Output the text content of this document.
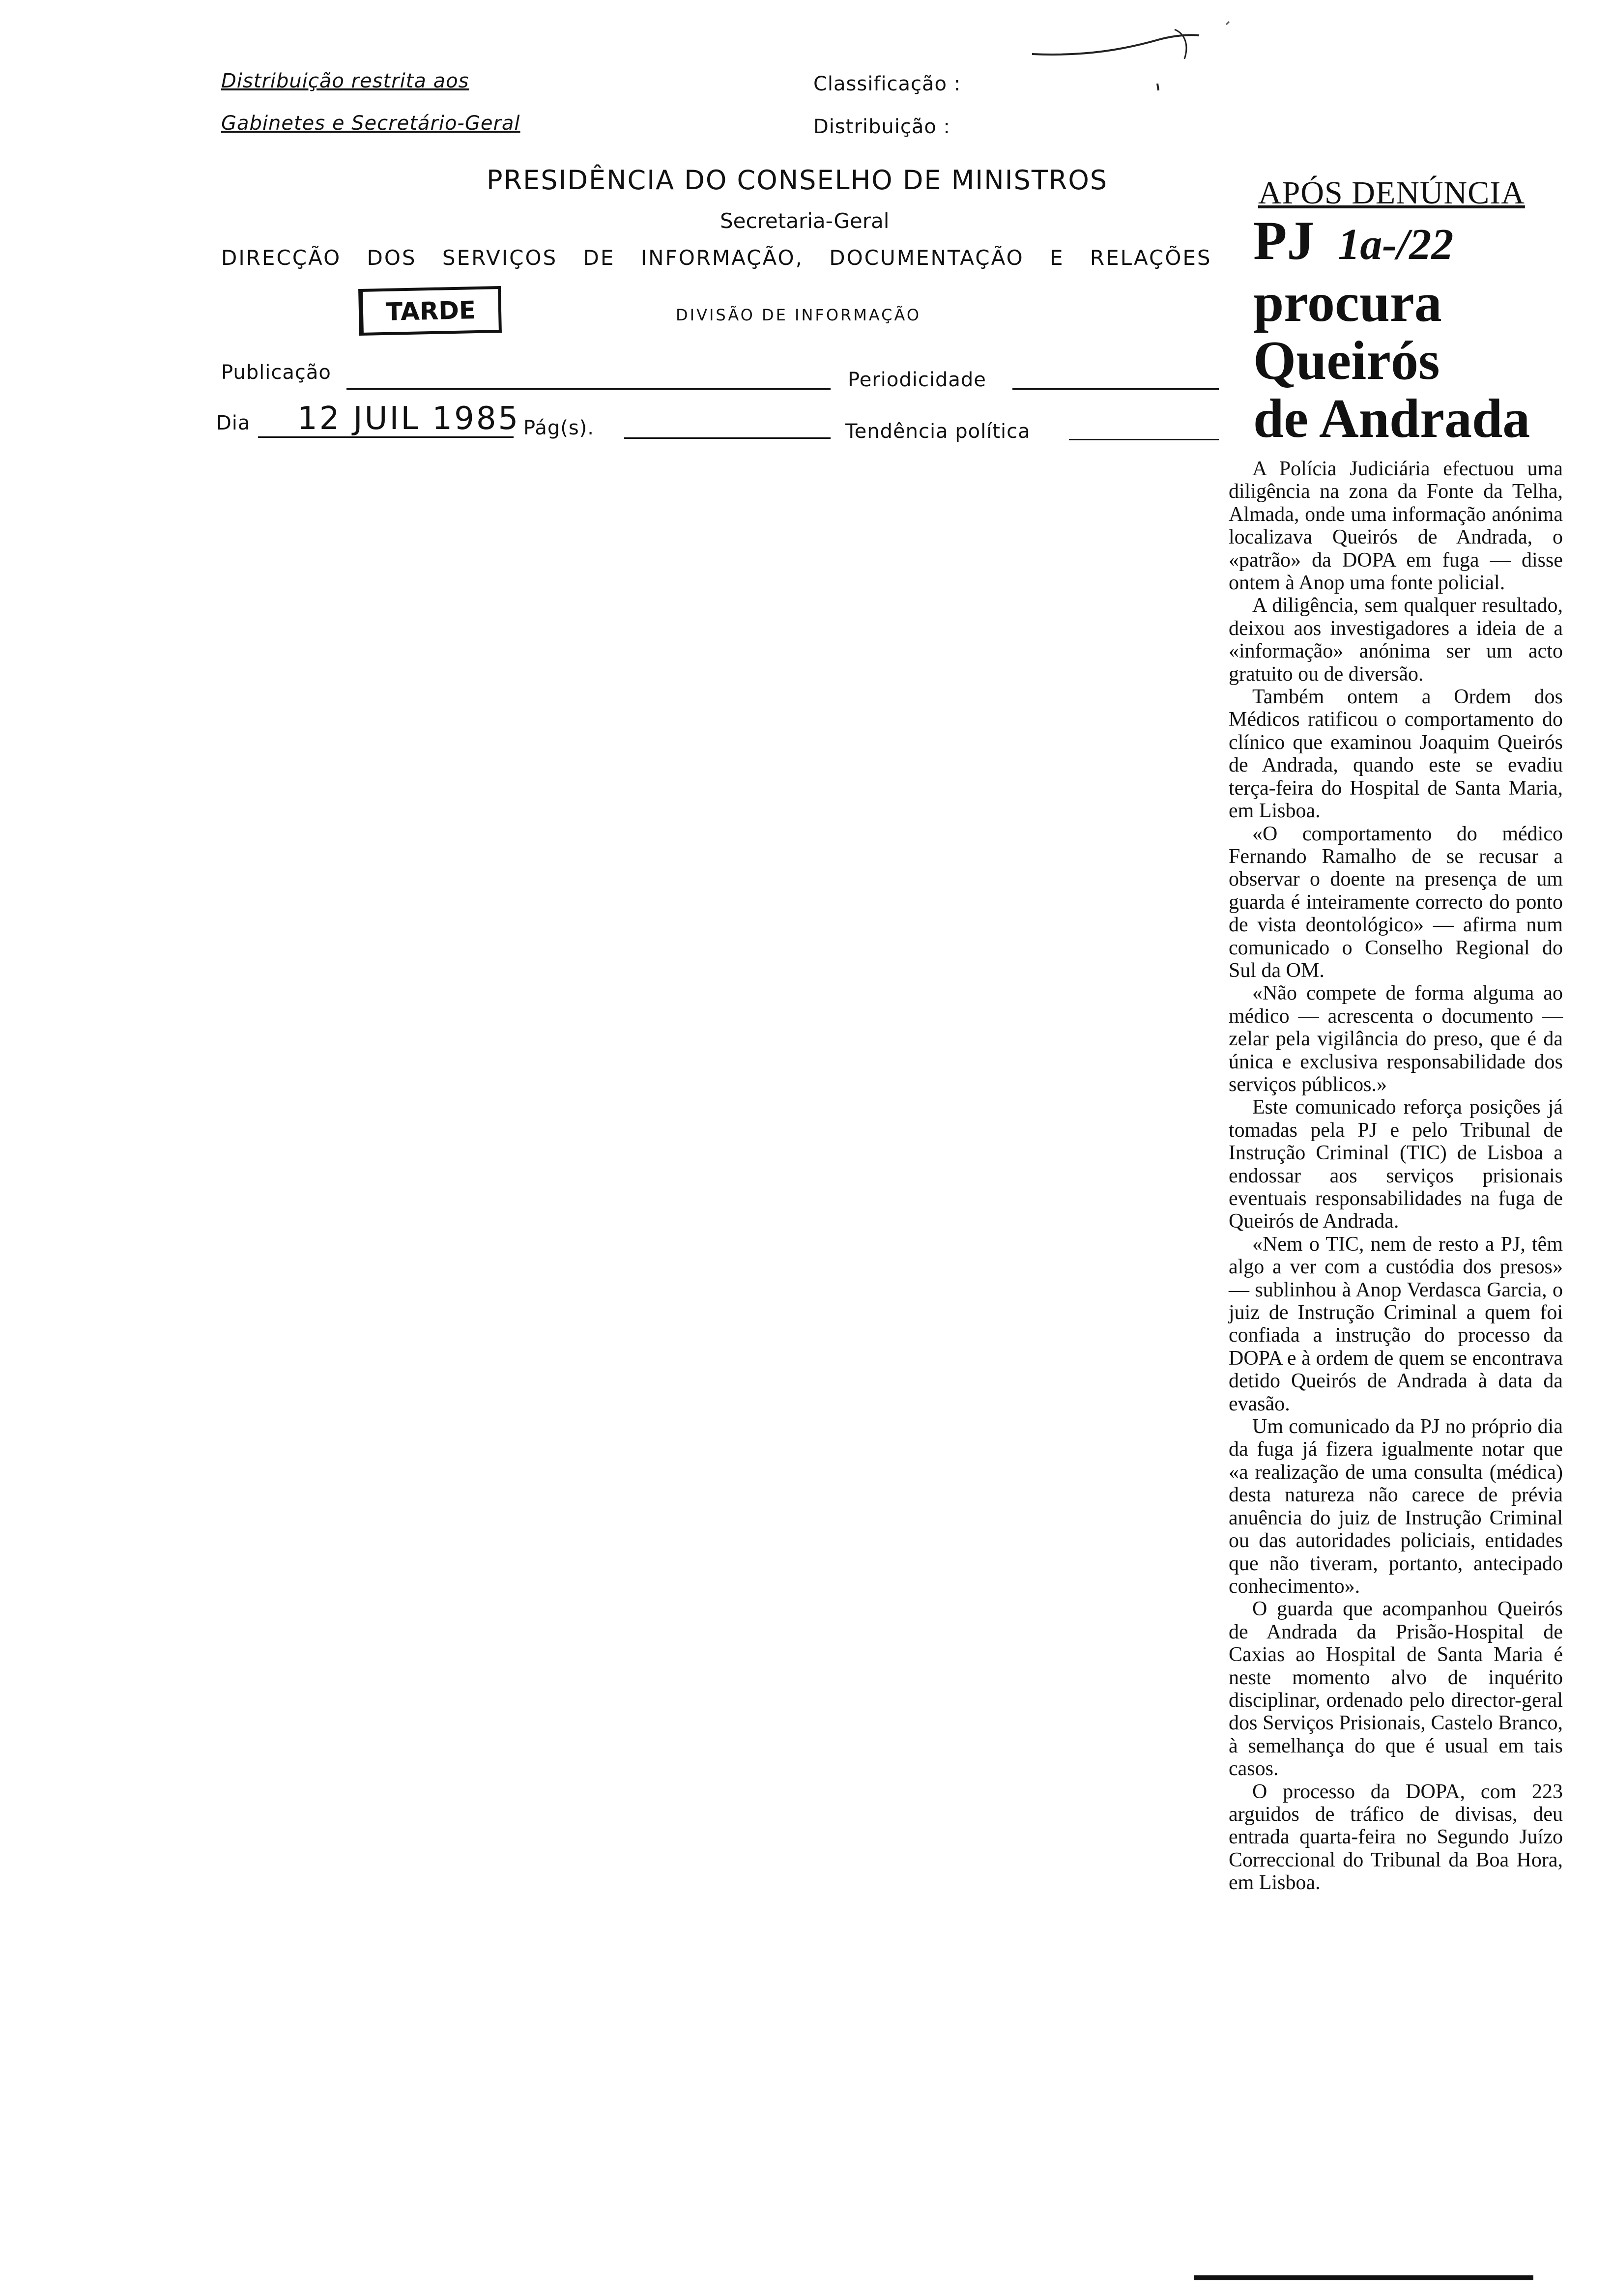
Distribuição restrita aos
Gabinetes e Secretário-Geral
Classificação :
Distribuição :
PRESIDÊNCIA DO CONSELHO DE MINISTROS
Secretaria-Geral
DIRECÇÃO DOS SERVIÇOS DE INFORMAÇÃO, DOCUMENTAÇÃO E RELAÇÕES
TARDE	DIVISÃO DE INFORMAÇÃO
Publicação	Periodicidade
Dia 12 JUIL 1985 Pág(s).	Tendência política
APÓS DENÚNCIA
PJ 1a-/22
procura
Queirós
de Andrada

A Polícia Judiciária efectuou uma diligência na zona da Fonte da Telha, Almada, onde uma informação anónima localizava Queirós de Andrada, o «patrão» da DOPA em fuga — disse ontem à Anop uma fonte policial.

A diligência, sem qualquer resultado, deixou aos investigadores a ideia de a «informação» anónima ser um acto gratuito ou de diversão.

Também ontem a Ordem dos Médicos ratificou o comportamento do clínico que examinou Joaquim Queirós de Andrada, quando este se evadiu terça-feira do Hospital de Santa Maria, em Lisboa.

«O comportamento do médico Fernando Ramalho de se recusar a observar o doente na presença de um guarda é inteiramente correcto do ponto de vista deontológico» — afirma num comunicado o Conselho Regional do Sul da OM.

«Não compete de forma alguma ao médico — acrescenta o documento — zelar pela vigilância do preso, que é da única e exclusiva responsabilidade dos serviços públicos.»

Este comunicado reforça posições já tomadas pela PJ e pelo Tribunal de Instrução Criminal (TIC) de Lisboa a endossar aos serviços prisionais eventuais responsabilidades na fuga de Queirós de Andrada.

«Nem o TIC, nem de resto a PJ, têm algo a ver com a custódia dos presos» — sublinhou à Anop Verdasca Garcia, o juiz de Instrução Criminal a quem foi confiada a instrução do processo da DOPA e à ordem de quem se encontrava detido Queirós de Andrada à data da evasão.

Um comunicado da PJ no próprio dia da fuga já fizera igualmente notar que «a realização de uma consulta (médica) desta natureza não carece de prévia anuência do juiz de Instrução Criminal ou das autoridades policiais, entidades que não tiveram, portanto, antecipado conhecimento».

O guarda que acompanhou Queirós de Andrada da Prisão-Hospital de Caxias ao Hospital de Santa Maria é neste momento alvo de inquérito disciplinar, ordenado pelo director-geral dos Serviços Prisionais, Castelo Branco, à semelhança do que é usual em tais casos.

O processo da DOPA, com 223 arguidos de tráfico de divisas, deu entrada quarta-feira no Segundo Juízo Correccional do Tribunal da Boa Hora, em Lisboa.
